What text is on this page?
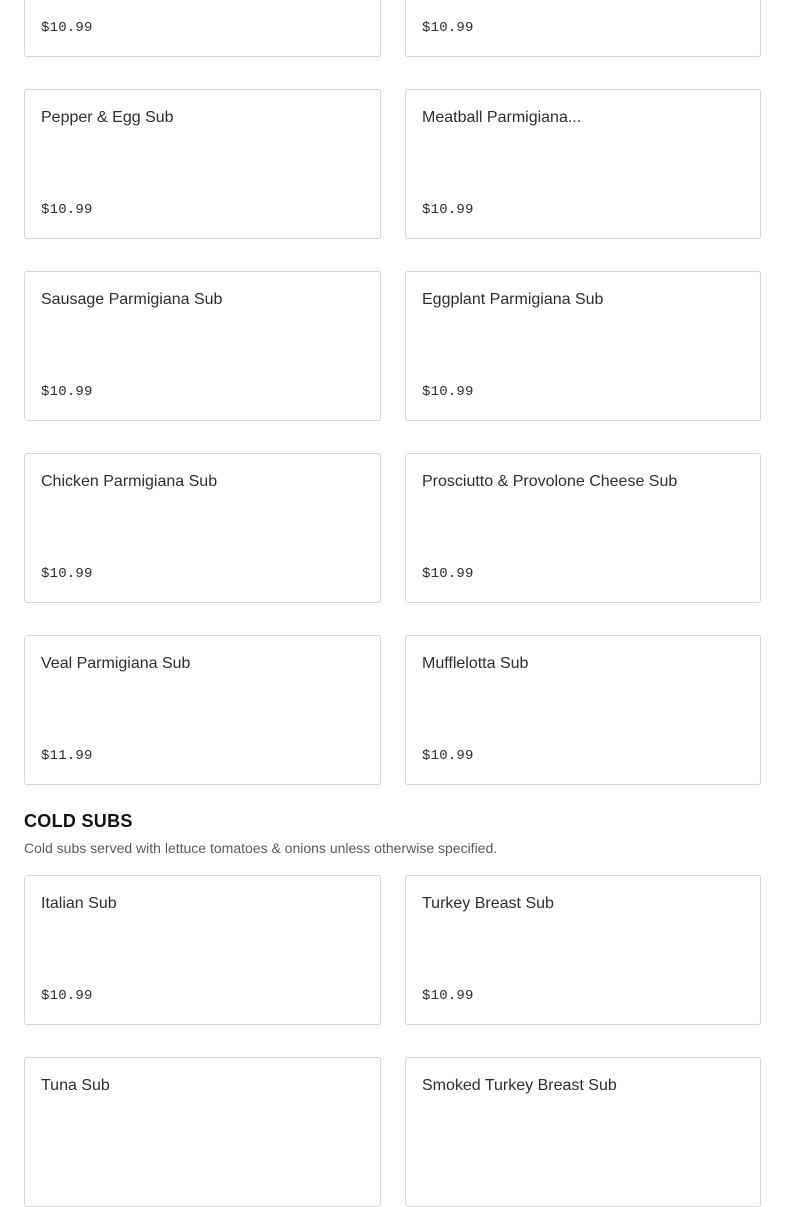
$10.99	$10.99
Pepper & Egg Sub
$10.99
Meatball Parmigiana...
$10.99
Sausage Parmigiana Sub
$10.99
Eggplant Parmigiana Sub
$10.99
Chicken Parmigiana Sub
$10.99
Prosciutto & Provolone Cheese Sub
$10.99
Veal Parmigiana Sub
$11.99
Mufflelotta Sub
$10.99
COLD SUBS

Cold subs served with lettuce tomatoes & onions unless otherwise specified.

Italian Sub
$10.99
Turkey Breast Sub
$10.99
Tuna Sub	Smoked Turkey Breast Sub
